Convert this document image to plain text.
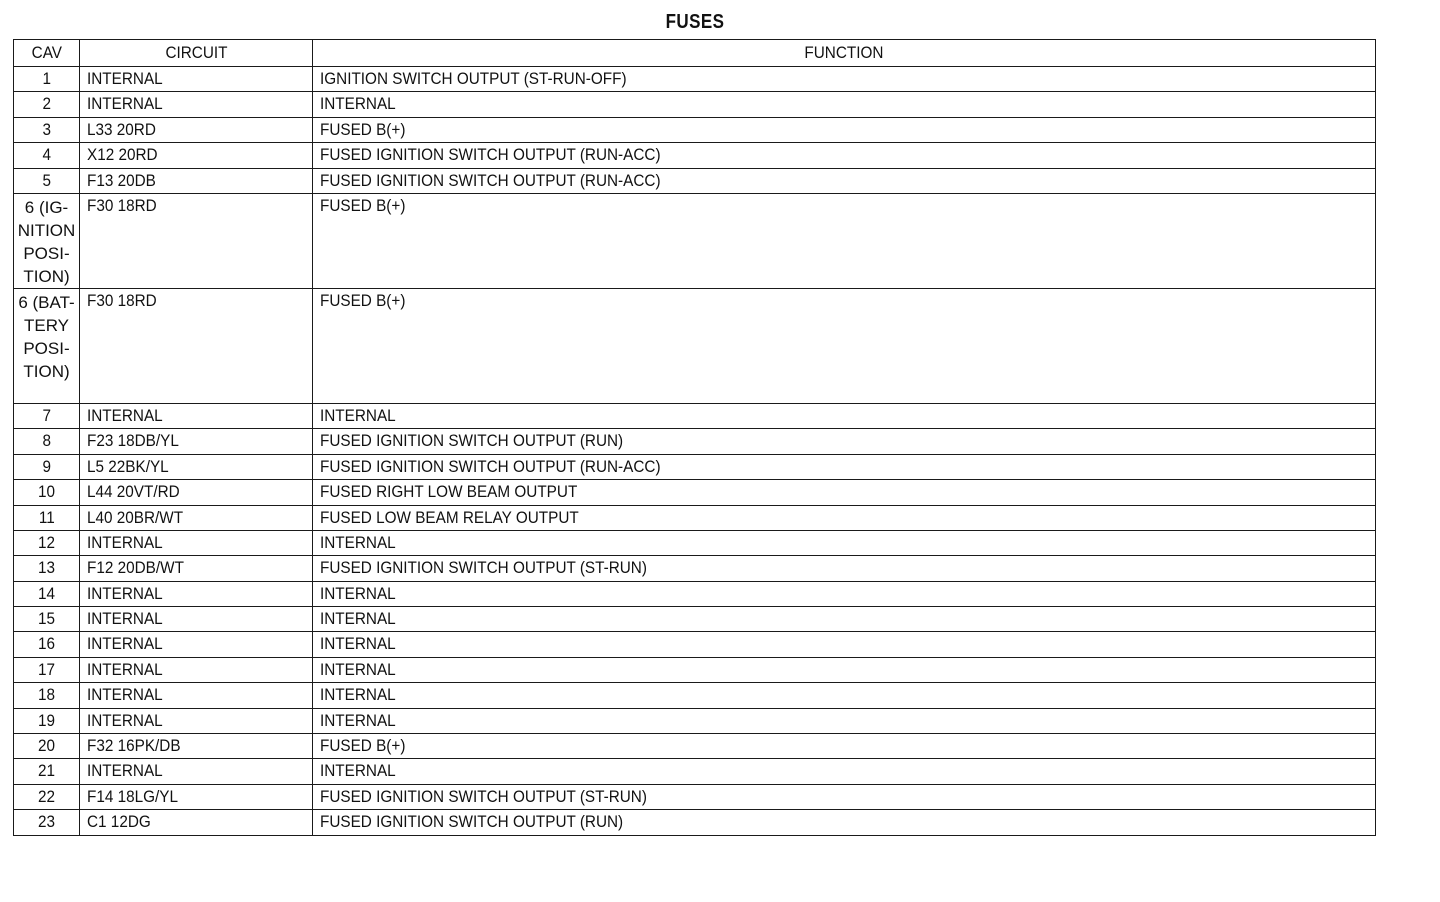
FUSES
CAV	CIRCUIT	FUNCTION
1	INTERNAL	IGNITION SWITCH OUTPUT (ST-RUN-OFF)
2	INTERNAL	INTERNAL
3	L33 20RD	FUSED B(+)
4	X12 20RD	FUSED IGNITION SWITCH OUTPUT (RUN-ACC)
5	F13 20DB	FUSED IGNITION SWITCH OUTPUT (RUN-ACC)
6 (IG- NITION POSI- TION)	F30 18RD	FUSED B(+)
6 (BAT- TERY POSI- TION)	F30 18RD	FUSED B(+)
7	INTERNAL	INTERNAL
8	F23 18DB/YL	FUSED IGNITION SWITCH OUTPUT (RUN)
9	L5 22BK/YL	FUSED IGNITION SWITCH OUTPUT (RUN-ACC)
10	L44 20VT/RD	FUSED RIGHT LOW BEAM OUTPUT
11	L40 20BR/WT	FUSED LOW BEAM RELAY OUTPUT
12	INTERNAL	INTERNAL
13	F12 20DB/WT	FUSED IGNITION SWITCH OUTPUT (ST-RUN)
14	INTERNAL	INTERNAL
15	INTERNAL	INTERNAL
16	INTERNAL	INTERNAL
17	INTERNAL	INTERNAL
18	INTERNAL	INTERNAL
19	INTERNAL	INTERNAL
20	F32 16PK/DB	FUSED B(+)
21	INTERNAL	INTERNAL
22	F14 18LG/YL	FUSED IGNITION SWITCH OUTPUT (ST-RUN)
23	C1 12DG	FUSED IGNITION SWITCH OUTPUT (RUN)
